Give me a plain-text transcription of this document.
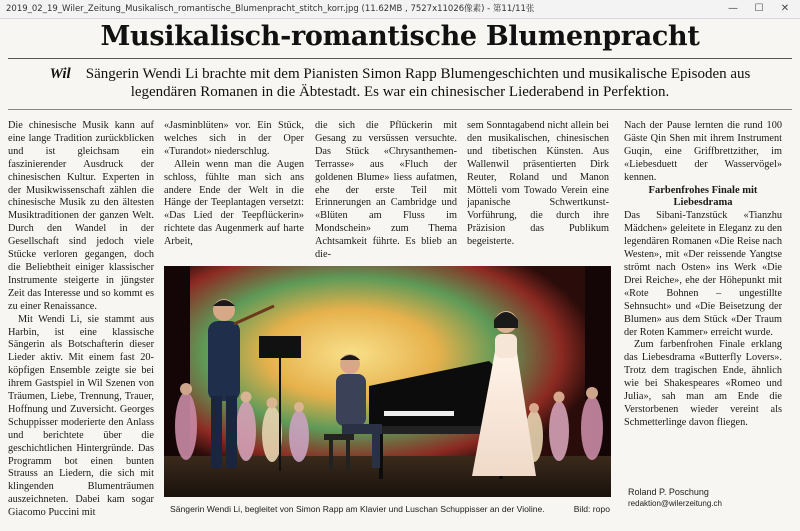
2019_02_19_Wiler_Zeitung_Musikalisch_romantische_Blumenpracht_stitch_korr.jpg (11.62MB , 7527x11026像素) - 第11/11张	—	☐	✕
Musikalisch-romantische Blumenpracht
Wil Sängerin Wendi Li brachte mit dem Pianisten Simon Rapp Blumengeschichten und musikalische Episoden aus legendären Romanen in die Äbtestadt. Es war ein chinesischer Liederabend in Perfektion.

Die chinesische Musik kann auf eine lange Tradition zurückblicken und ist gleichsam ein faszinierender Ausdruck der chinesischen Kultur. Experten in der Musikwissenschaft zählen die chinesische Musik zu den ältesten Musiktraditionen der ganzen Welt. Durch den Wandel in der Gesellschaft sind jedoch viele Stücke verloren gegangen, doch die Beliebtheit einiger klassischer Instrumente steigerte in jüngster Zeit das Interesse und so kommt es zu einer Renaissance.

Mit Wendi Li, sie stammt aus Harbin, ist eine klassische Sängerin als Botschafterin dieser Lieder aktiv. Mit einem fast 20-köpfigen Ensemble zeigte sie bei ihrem Gastspiel in Wil Szenen von Träumen, Liebe, Trennung, Trauer, Hoffnung und Zuversicht. Georges Schuppisser moderierte den Anlass und berichtete über die geschichtlichen Hintergründe. Das Programm bot einen bunten Strauss an Liedern, die sich mit klingenden Blumenträumen auszeichneten. Dabei kam sogar Giacomo Puccini mit

«Jasminblüten» vor. Ein Stück, welches sich in der Oper «Turandot» niederschlug.

Allein wenn man die Augen schloss, fühlte man sich ans andere Ende der Welt in die Hänge der Teeplantagen versetzt: «Das Lied der Teepflückerin» richtete das Augenmerk auf harte Arbeit,

die sich die Pflückerin mit Gesang zu versüssen versuchte. Das Stück «Chrysanthemen-Terrasse» aus «Fluch der goldenen Blume» liess aufatmen, ehe der erste Teil mit Erinnerungen an Cambridge und «Blüten am Fluss im Mondschein» zum Thema Achtsamkeit führte. Es blieb an die-

sem Sonntagabend nicht allein bei den musikalischen, chinesischen und tibetischen Künsten. Aus Wallenwil präsentierten Dirk Reuter, Roland und Manon Mötteli vom Towado Verein eine japanische Schwertkunst-Vorführung, die durch ihre Präzision das Publikum begeisterte.

Nach der Pause lernten die rund 100 Gäste Qin Shen mit ihrem Instrument Guqin, eine Griffbrettzither, im «Liebesduett der Wasservögel» kennen.

Farbenfrohes Finale mit Liebesdrama

Das Sibani-Tanzstück «Tianzhu Mädchen» geleitete in Eleganz zu den legendären Romanen «Die Reise nach Westen», mit «Der reissende Yangtse strömt nach Osten» ins Werk «Die Drei Reiche», ehe der Höhepunkt mit «Rote Bohnen – ungestillte Sehnsucht» und «Die Beisetzung der Blumen» aus dem Stück «Der Traum der Roten Kammer» erreicht wurde.

Zum farbenfrohen Finale erklang das Liebesdrama «Butterfly Lovers». Trotz dem tragischen Ende, ähnlich wie bei Shakespeares «Romeo und Julia», sah man am Ende die Verstorbenen wieder vereint als Schmetterlinge davon fliegen.

Sängerin Wendi Li, begleitet von Simon Rapp am Klavier und Luschan Schuppisser an der Violine.	Bild: ropo
Roland P. Poschung
redaktion@wilerzeitung.ch
